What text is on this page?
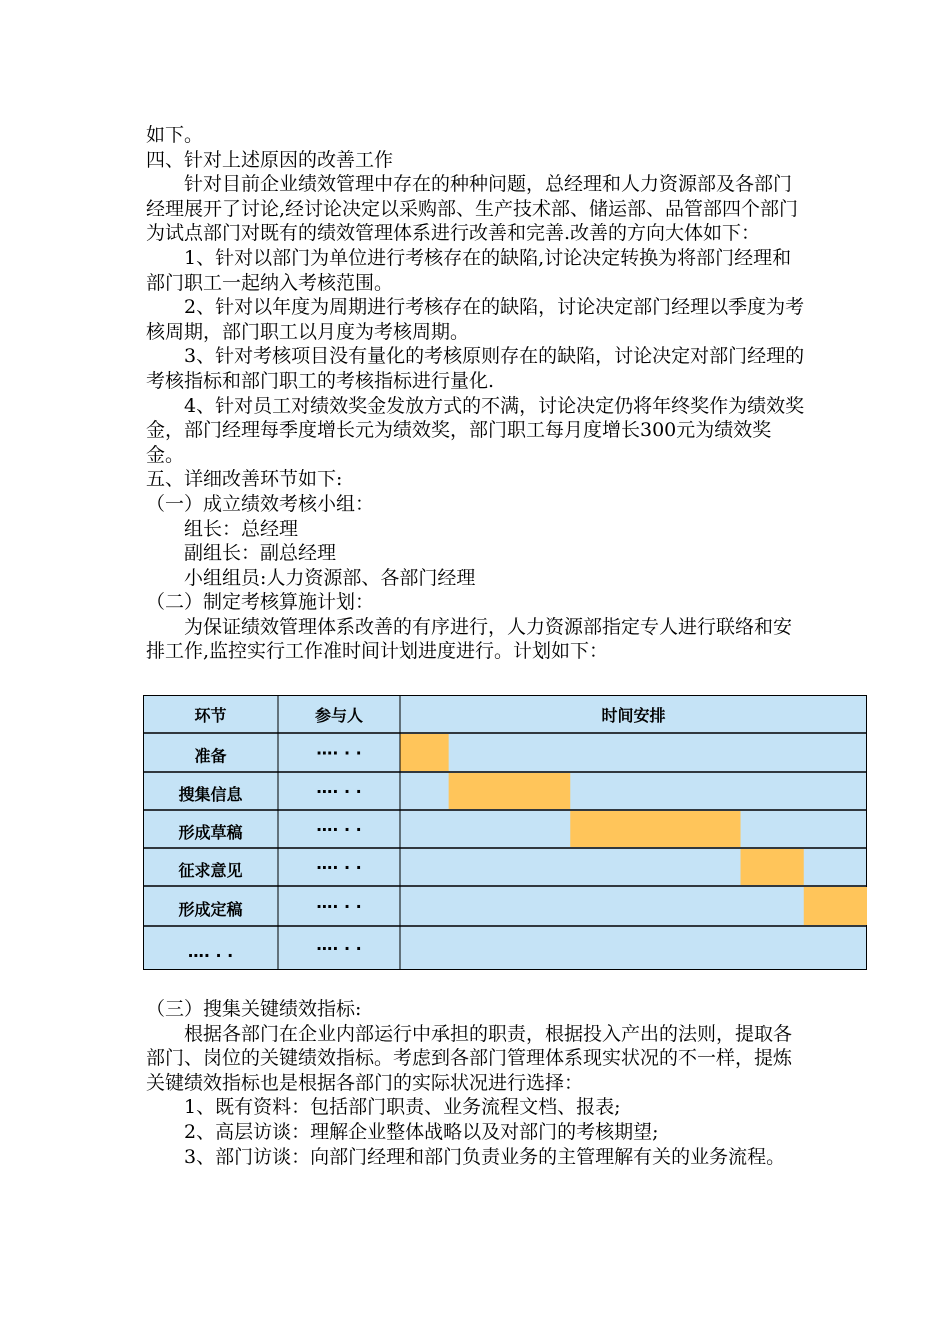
如下。

四、针对上述原因的改善工作

针对目前企业绩效管理中存在的种种问题，总经理和人力资源部及各部门经理展开了讨论,经讨论决定以采购部、生产技术部、储运部、品管部四个部门为试点部门对既有的绩效管理体系进行改善和完善.改善的方向大体如下：

1、针对以部门为单位进行考核存在的缺陷,讨论决定转换为将部门经理和部门职工一起纳入考核范围。

2、针对以年度为周期进行考核存在的缺陷，讨论决定部门经理以季度为考核周期，部门职工以月度为考核周期。

3、针对考核项目没有量化的考核原则存在的缺陷，讨论决定对部门经理的考核指标和部门职工的考核指标进行量化.

4、针对员工对绩效奖金发放方式的不满，讨论决定仍将年终奖作为绩效奖金，部门经理每季度增长元为绩效奖，部门职工每月度增长300元为绩效奖金。

五、详细改善环节如下:

（一）成立绩效考核小组：

组长：总经理

副组长：副总经理

小组组员:人力资源部、各部门经理

（二）制定考核算施计划：

为保证绩效管理体系改善的有序进行，人力资源部指定专人进行联络和安排工作,监控实行工作准时间计划进度进行。计划如下：

环节	参与人	时间安排
准备	…. . .
搜集信息	…. . .
形成草稿	…. . .
征求意见	…. . .
形成定稿	…. . .
…. . .	…. . .

（三）搜集关键绩效指标:

根据各部门在企业内部运行中承担的职责，根据投入产出的法则，提取各部门、岗位的关键绩效指标。考虑到各部门管理体系现实状况的不一样，提炼关键绩效指标也是根据各部门的实际状况进行选择：

1、既有资料：包括部门职责、业务流程文档、报表;

2、高层访谈：理解企业整体战略以及对部门的考核期望;

3、部门访谈：向部门经理和部门负责业务的主管理解有关的业务流程。
